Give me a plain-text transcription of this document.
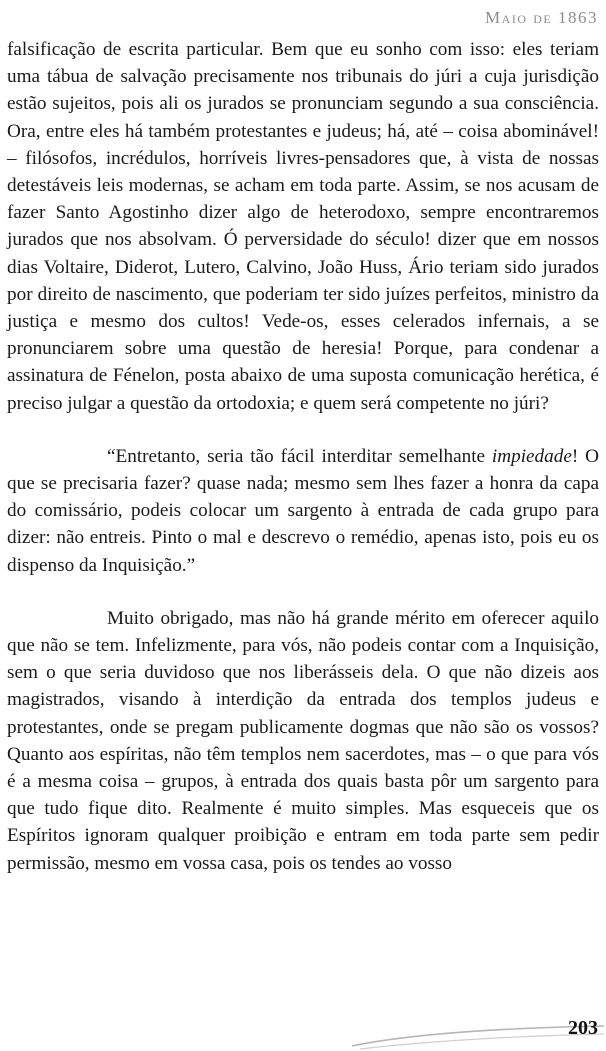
Maio de 1863

falsificação de escrita particular. Bem que eu sonho com isso: eles teriam uma tábua de salvação precisamente nos tribunais do júri a cuja jurisdição estão sujeitos, pois ali os jurados se pronunciam segundo a sua consciência. Ora, entre eles há também protestantes e judeus; há, até – coisa abominável! – filósofos, incrédulos, horríveis livres-pensadores que, à vista de nossas detestáveis leis modernas, se acham em toda parte. Assim, se nos acusam de fazer Santo Agostinho dizer algo de heterodoxo, sempre encontraremos jurados que nos absolvam. Ó perversidade do século! dizer que em nossos dias Voltaire, Diderot, Lutero, Calvino, João Huss, Ário teriam sido jurados por direito de nascimento, que poderiam ter sido juízes perfeitos, ministro da justiça e mesmo dos cultos! Vede-os, esses celerados infernais, a se pronunciarem sobre uma questão de heresia! Porque, para condenar a assinatura de Fénelon, posta abaixo de uma suposta comunicação herética, é preciso julgar a questão da ortodoxia; e quem será competente no júri?

“Entretanto, seria tão fácil interditar semelhante impiedade! O que se precisaria fazer? quase nada; mesmo sem lhes fazer a honra da capa do comissário, podeis colocar um sargento à entrada de cada grupo para dizer: não entreis. Pinto o mal e descrevo o remédio, apenas isto, pois eu os dispenso da Inquisição.”

Muito obrigado, mas não há grande mérito em oferecer aquilo que não se tem. Infelizmente, para vós, não podeis contar com a Inquisição, sem o que seria duvidoso que nos liberásseis dela. O que não dizeis aos magistrados, visando à interdição da entrada dos templos judeus e protestantes, onde se pregam publicamente dogmas que não são os vossos? Quanto aos espíritas, não têm templos nem sacerdotes, mas – o que para vós é a mesma coisa – grupos, à entrada dos quais basta pôr um sargento para que tudo fique dito. Realmente é muito simples. Mas esqueceis que os Espíritos ignoram qualquer proibição e entram em toda parte sem pedir permissão, mesmo em vossa casa, pois os tendes ao vosso

203
